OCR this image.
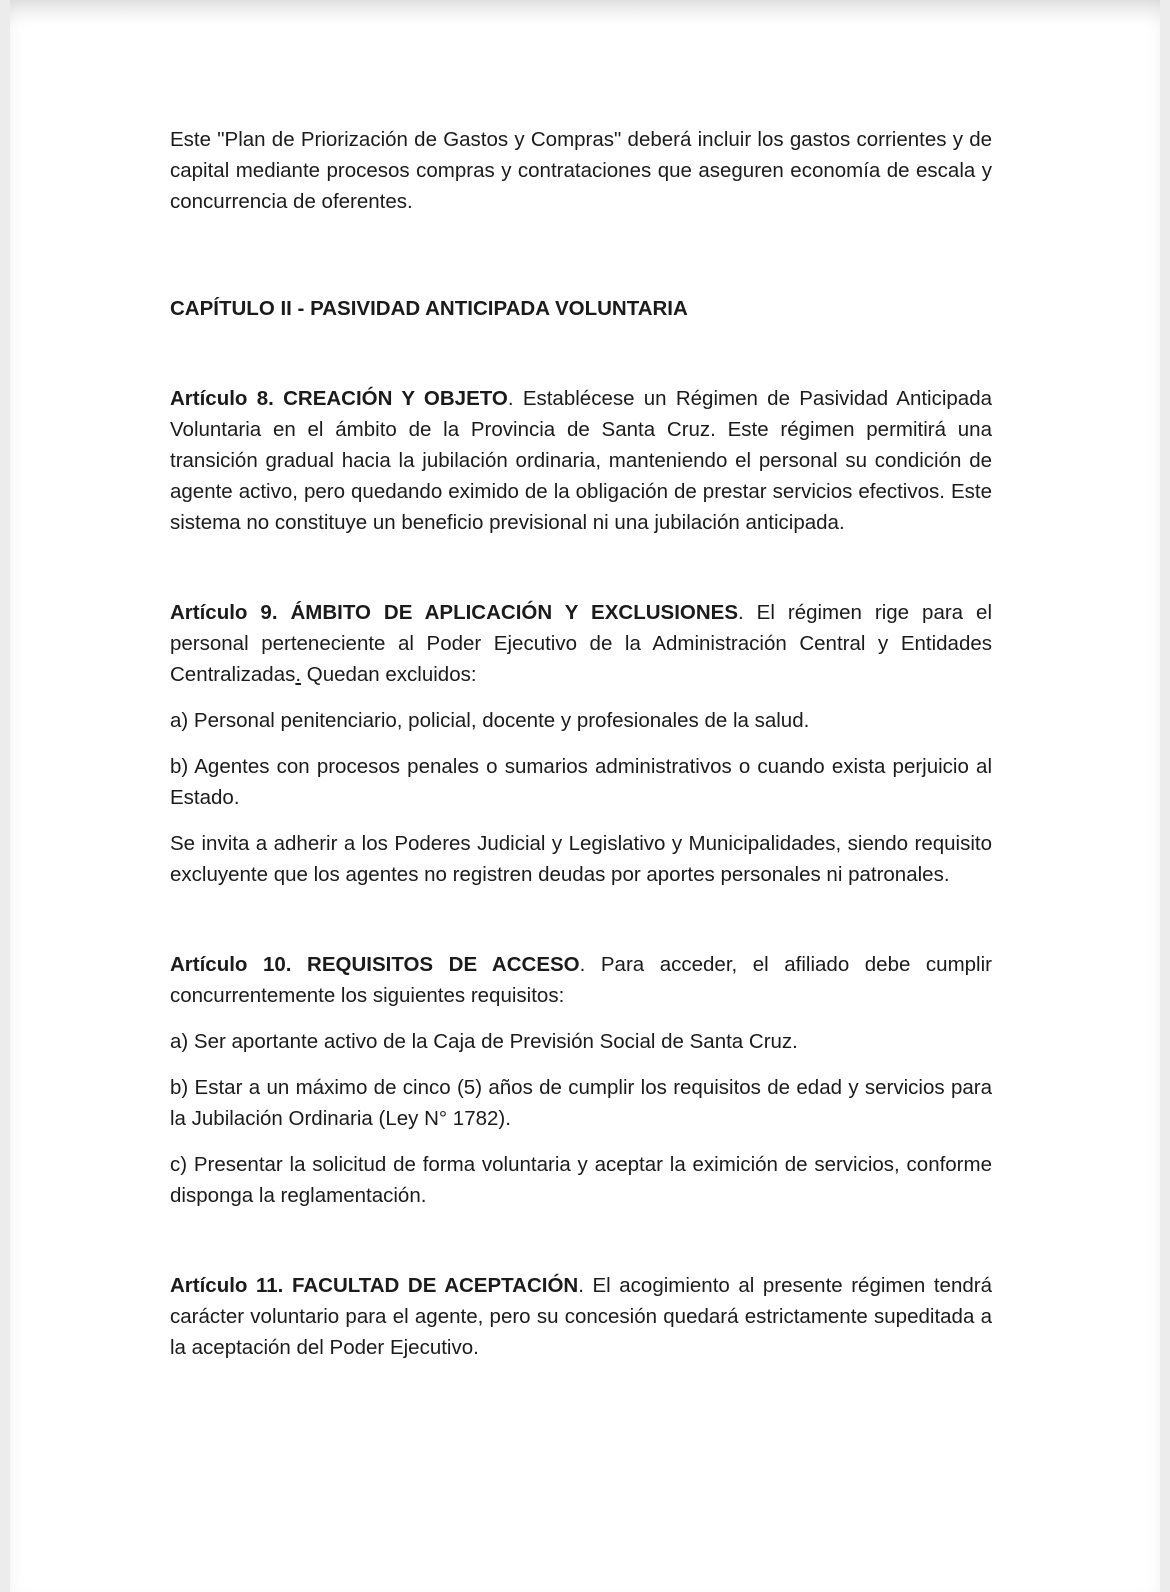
Este "Plan de Priorización de Gastos y Compras" deberá incluir los gastos corrientes y de capital mediante procesos compras y contrataciones que aseguren economía de escala y concurrencia de oferentes.

CAPÍTULO II - PASIVIDAD ANTICIPADA VOLUNTARIA

Artículo 8. CREACIÓN Y OBJETO. Establécese un Régimen de Pasividad Anticipada Voluntaria en el ámbito de la Provincia de Santa Cruz. Este régimen permitirá una transición gradual hacia la jubilación ordinaria, manteniendo el personal su condición de agente activo, pero quedando eximido de la obligación de prestar servicios efectivos. Este sistema no constituye un beneficio previsional ni una jubilación anticipada.

Artículo 9. ÁMBITO DE APLICACIÓN Y EXCLUSIONES. El régimen rige para el personal perteneciente al Poder Ejecutivo de la Administración Central y Entidades Centralizadas. Quedan excluidos:

a) Personal penitenciario, policial, docente y profesionales de la salud.

b) Agentes con procesos penales o sumarios administrativos o cuando exista perjuicio al Estado.

Se invita a adherir a los Poderes Judicial y Legislativo y Municipalidades, siendo requisito excluyente que los agentes no registren deudas por aportes personales ni patronales.

Artículo 10. REQUISITOS DE ACCESO. Para acceder, el afiliado debe cumplir concurrentemente los siguientes requisitos:

a) Ser aportante activo de la Caja de Previsión Social de Santa Cruz.

b) Estar a un máximo de cinco (5) años de cumplir los requisitos de edad y servicios para la Jubilación Ordinaria (Ley N° 1782).

c) Presentar la solicitud de forma voluntaria y aceptar la eximición de servicios, conforme disponga la reglamentación.

Artículo 11. FACULTAD DE ACEPTACIÓN. El acogimiento al presente régimen tendrá carácter voluntario para el agente, pero su concesión quedará estrictamente supeditada a la aceptación del Poder Ejecutivo.
